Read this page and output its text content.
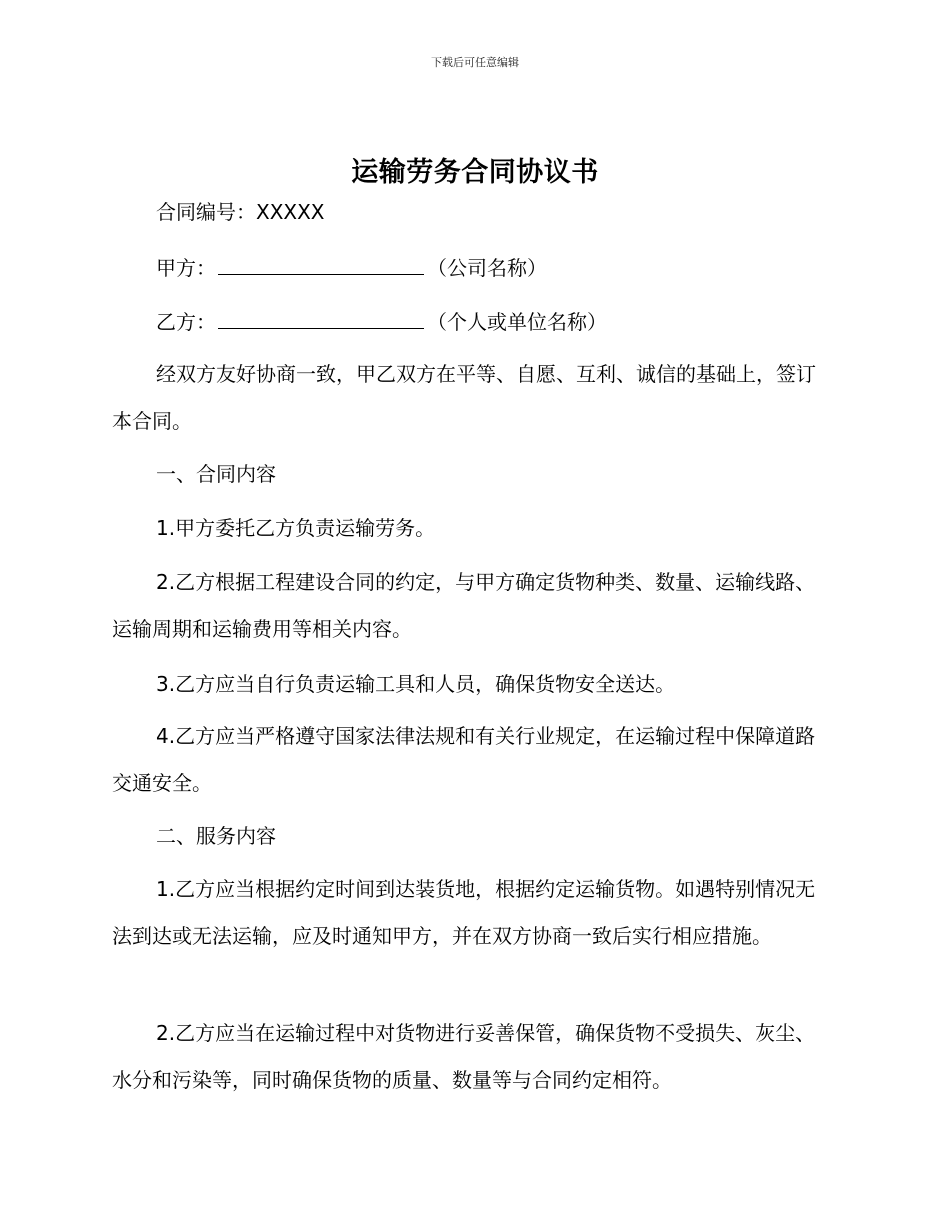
下载后可任意编辑
运输劳务合同协议书
合同编号：XXXXX
甲方：	（公司名称）
乙方：	（个人或单位名称）

经双方友好协商一致，甲乙双方在平等、自愿、互利、诚信的基础上，签订本合同。

一、合同内容

1.甲方委托乙方负责运输劳务。

2.乙方根据工程建设合同的约定，与甲方确定货物种类、数量、运输线路、运输周期和运输费用等相关内容。

3.乙方应当自行负责运输工具和人员，确保货物安全送达。

4.乙方应当严格遵守国家法律法规和有关行业规定，在运输过程中保障道路交通安全。

二、服务内容

1.乙方应当根据约定时间到达装货地，根据约定运输货物。如遇特别情况无法到达或无法运输，应及时通知甲方，并在双方协商一致后实行相应措施。

2.乙方应当在运输过程中对货物进行妥善保管，确保货物不受损失、灰尘、水分和污染等，同时确保货物的质量、数量等与合同约定相符。
